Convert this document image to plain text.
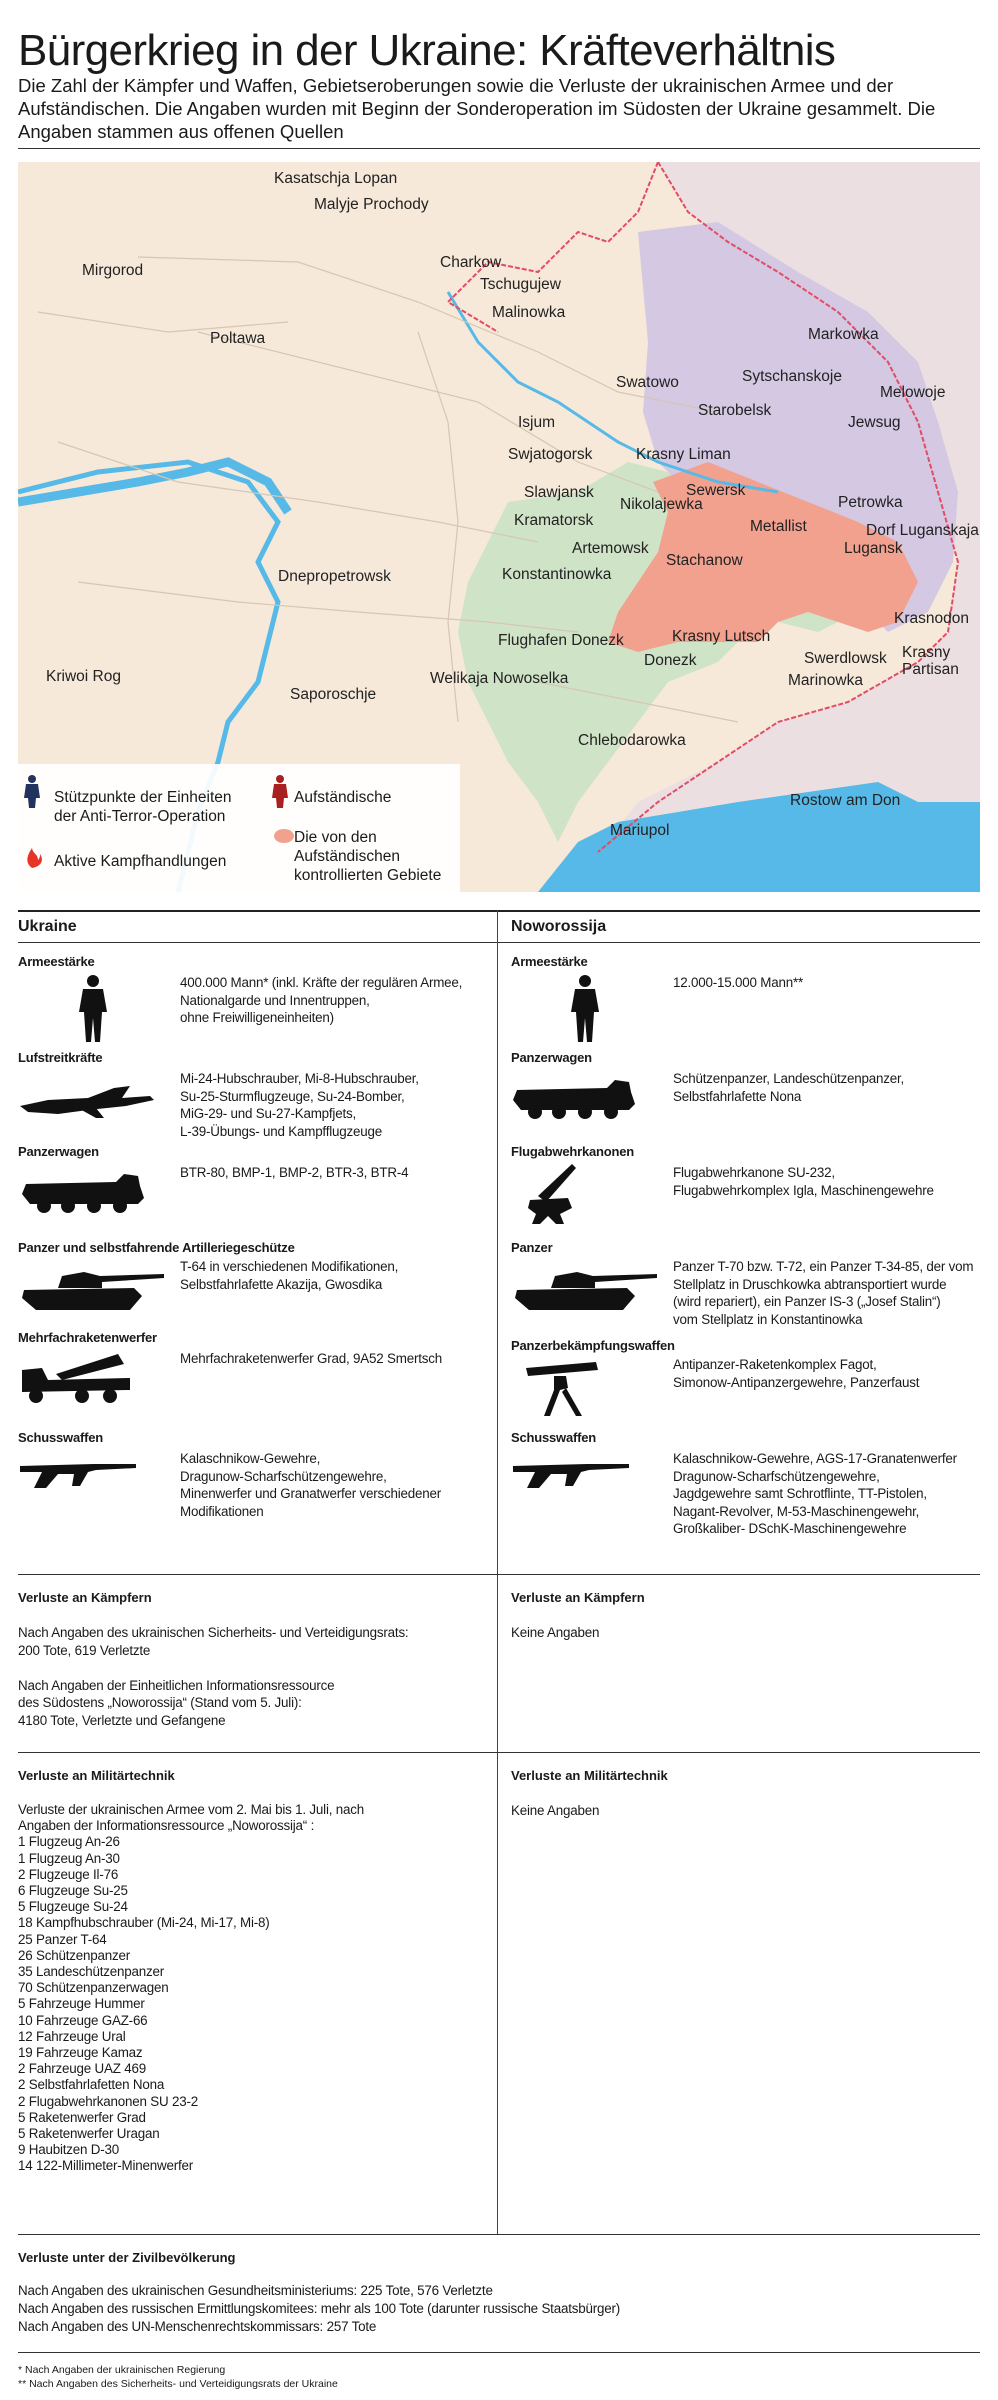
Bürgerkrieg in der Ukraine: Kräfteverhältnis
Die Zahl der Kämpfer und Waffen, Gebietseroberungen sowie die Verluste der ukrainischen Armee und der Aufständischen. Die Angaben wurden mit Beginn der Sonderoperation im Südosten der Ukraine gesammelt. Die Angaben stammen aus offenen Quellen
Kasatschja Lopan
Malyje Prochody
Mirgorod	Charkow
Tschugujew
Malinowka
Poltawa	Markowka
Swatowo	Sytschanskoje
Melowoje
Starobelsk
Jewsug
Isjum
Swjatogorsk	Krasny Liman
Sewersk
Slawjansk
Nikolajewka	Petrowka
Kramatorsk	Metallist	Dorf Luganskaja
Artemowsk	Lugansk
Stachanow
Konstantinowka
Dnepropetrowsk
Krasnodon
Flughafen Donezk	Krasny Lutsch
Swerdlowsk Krasny
Partisan
Donezk
Marinowka
Kriwoi Rog	Welikaja Nowoselka
Saporoschje
Chlebodarowka
Rostow am Don
Mariupol
Stützpunkte der Einheiten
der Anti-Terror-Operation
Aufständische
Aktive Kampfhandlungen
Die von den
Aufständischen
kontrollierten Gebiete
Ukraine	Noworossija
Armeestärke
400.000 Mann* (inkl. Kräfte der regulären Armee,
Nationalgarde und Innentruppen,
ohne Freiwilligeneinheiten)
Lufstreitkräfte
Mi-24-Hubschrauber, Mi-8-Hubschrauber,
Su-25-Sturmflugzeuge, Su-24-Bomber,
MiG-29- und Su-27-Kampfjets,
L-39-Übungs- und Kampfflugzeuge
Panzerwagen
BTR-80, BMP-1, BMP-2, BTR-3, BTR-4
Panzer und selbstfahrende Artilleriegeschütze
T-64 in verschiedenen Modifikationen,
Selbstfahrlafette Akazija, Gwosdika
Mehrfachraketenwerfer
Mehrfachraketenwerfer Grad, 9A52 Smertsch
Schusswaffen
Kalaschnikow-Gewehre,
Dragunow-Scharfschützengewehre,
Minenwerfer und Granatwerfer verschiedener
Modifikationen
Armeestärke
12.000-15.000 Mann**
Panzerwagen
Schützenpanzer, Landeschützenpanzer,
Selbstfahrlafette Nona
Flugabwehrkanonen
Flugabwehrkanone SU-232,
Flugabwehrkomplex Igla, Maschinengewehre
Panzer
Panzer T-70 bzw. T-72, ein Panzer T-34-85, der vom
Stellplatz in Druschkowka abtransportiert wurde
(wird repariert), ein Panzer IS-3 („Josef Stalin“)
vom Stellplatz in Konstantinowka
Panzerbekämpfungswaffen
Antipanzer-Raketenkomplex Fagot,
Simonow-Antipanzergewehre, Panzerfaust
Schusswaffen
Kalaschnikow-Gewehre, AGS-17-Granatenwerfer
Dragunow-Scharfschützengewehre,
Jagdgewehre samt Schrotflinte, TT-Pistolen,
Nagant-Revolver, M-53-Maschinengewehr,
Großkaliber- DSchK-Maschinengewehre
Verluste an Kämpfern
Nach Angaben des ukrainischen Sicherheits- und Verteidigungsrats:
200 Tote, 619 Verletzte

Nach Angaben der Einheitlichen Informationsressource
des Südostens „Noworossija“ (Stand vom 5. Juli):
4180 Tote, Verletzte und Gefangene
Verluste an Kämpfern
Keine Angaben
Verluste an Militärtechnik
Verluste der ukrainischen Armee vom 2. Mai bis 1. Juli, nach
Angaben der Informationsressource „Noworossija“ :
1 Flugzeug An-26
1 Flugzeug An-30
2 Flugzeuge Il-76
6 Flugzeuge Su-25
5 Flugzeuge Su-24
18 Kampfhubschrauber (Mi-24, Mi-17, Mi-8)
25 Panzer T-64
26 Schützenpanzer
35 Landeschützenpanzer
70 Schützenpanzerwagen
5 Fahrzeuge Hummer
10 Fahrzeuge GAZ-66
12 Fahrzeuge Ural
19 Fahrzeuge Kamaz
2 Fahrzeuge UAZ 469
2 Selbstfahrlafetten Nona
2 Flugabwehrkanonen SU 23-2
5 Raketenwerfer Grad
5 Raketenwerfer Uragan
9 Haubitzen D-30
14 122-Millimeter-Minenwerfer
Verluste an Militärtechnik
Keine Angaben
Verluste unter der Zivilbevölkerung
Nach Angaben des ukrainischen Gesundheitsministeriums: 225 Tote, 576 Verletzte
Nach Angaben des russischen Ermittlungskomitees: mehr als 100 Tote (darunter russische Staatsbürger)
Nach Angaben des UN-Menschenrechtskommissars: 257 Tote
* Nach Angaben der ukrainischen Regierung
** Nach Angaben des Sicherheits- und Verteidigungsrats der Ukraine
